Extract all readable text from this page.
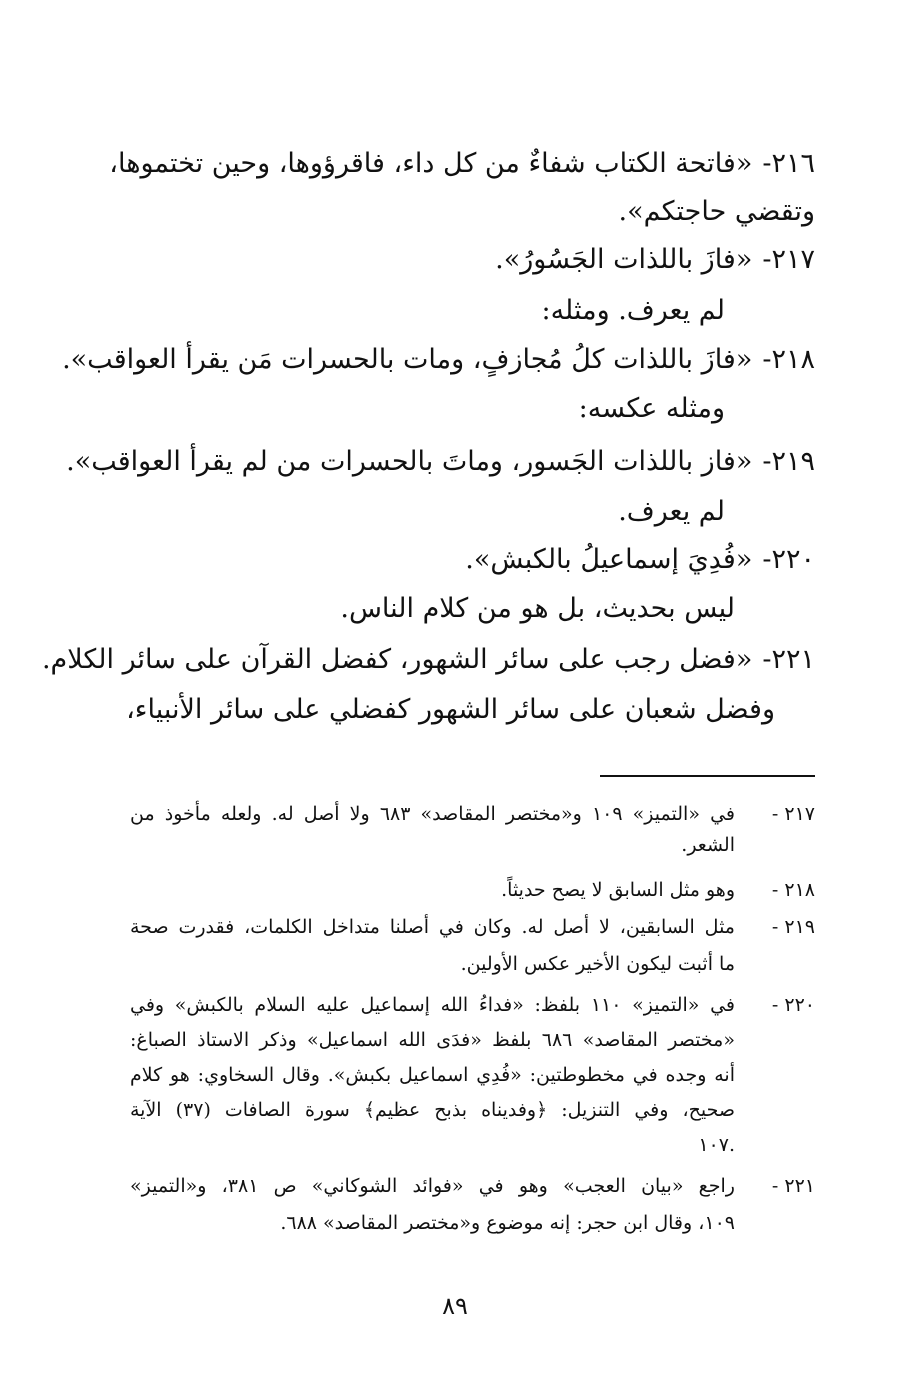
٢١٦-«فاتحة الكتاب شفاءٌ من كل داء، فاقرؤوها، وحين تختموها،
وتقضي حاجتكم».
٢١٧-«فازَ باللذات الجَسُورُ».
لم يعرف. ومثله:
٢١٨-«فازَ باللذات كلُ مُجازفٍ، ومات بالحسرات مَن يقرأ العواقب».
ومثله عكسه:
٢١٩-«فاز باللذات الجَسور، وماتَ بالحسرات من لم يقرأ العواقب».
لم يعرف.
٢٢٠-«فُدِيَ إسماعيلُ بالكبش».
ليس بحديث، بل هو من كلام الناس.
٢٢١-«فضل رجب على سائر الشهور، كفضل القرآن على سائر الكلام.
وفضل شعبان على سائر الشهور كفضلي على سائر الأنبياء،
٢١٧ -
في «التميز» ١٠٩ و«مختصر المقاصد» ٦٨٣ ولا أصل له. ولعله مأخوذ من
الشعر.
٢١٨ -
وهو مثل السابق لا يصح حديثاً.
٢١٩ -
مثل السابقين، لا أصل له. وكان في أصلنا متداخل الكلمات، فقدرت صحة
ما أثبت ليكون الأخير عكس الأولين.
٢٢٠ -
في «التميز» ١١٠ بلفظ: «فداءُ الله إسماعيل عليه السلام بالكبش» وفي
«مختصر المقاصد» ٦٨٦ بلفظ «فدَى الله اسماعيل» وذكر الاستاذ الصباغ:
أنه وجده في مخطوطتين: «فُدِي اسماعيل بكبش». وقال السخاوي: هو كلام
صحيح، وفي التنزيل: ﴿وفديناه بذبح عظيم﴾ سورة الصافات (٣٧) الآية
.١٠٧
٢٢١ -
راجع «بيان العجب» وهو في «فوائد الشوكاني» ص ٣٨١، و«التميز»
١٠٩، وقال ابن حجر: إنه موضوع و«مختصر المقاصد» ٦٨٨.
٨٩
